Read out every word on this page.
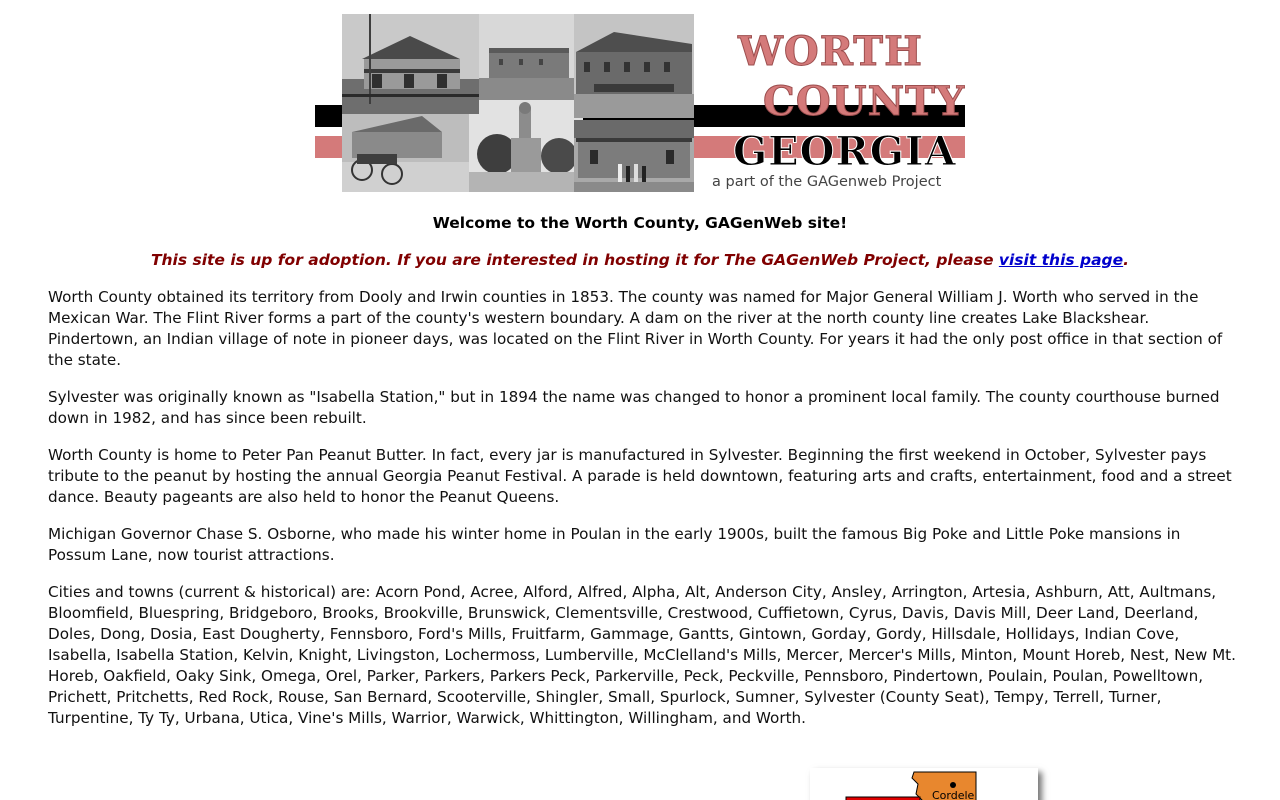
WORTH
COUNTY
GEORGIA
a part of the GAGenweb Project
Welcome to the Worth County, GAGenWeb site!
This site is up for adoption. If you are interested in hosting it for The GAGenWeb Project, please visit this page.

Worth County obtained its territory from Dooly and Irwin counties in 1853. The county was named for Major General William J. Worth who served in the Mexican War. The Flint River forms a part of the county's western boundary. A dam on the river at the north county line creates Lake Blackshear. Pindertown, an Indian village of note in pioneer days, was located on the Flint River in Worth County. For years it had the only post office in that section of the state.

Sylvester was originally known as "Isabella Station," but in 1894 the name was changed to honor a prominent local family. The county courthouse burned down in 1982, and has since been rebuilt.

Worth County is home to Peter Pan Peanut Butter. In fact, every jar is manufactured in Sylvester. Beginning the first weekend in October, Sylvester pays tribute to the peanut by hosting the annual Georgia Peanut Festival. A parade is held downtown, featuring arts and crafts, entertainment, food and a street dance. Beauty pageants are also held to honor the Peanut Queens.

Michigan Governor Chase S. Osborne, who made his winter home in Poulan in the early 1900s, built the famous Big Poke and Little Poke mansions in Possum Lane, now tourist attractions.

Cities and towns (current & historical) are: Acorn Pond, Acree, Alford, Alfred, Alpha, Alt, Anderson City, Ansley, Arrington, Artesia, Ashburn, Att, Aultmans, Bloomfield, Bluespring, Bridgeboro, Brooks, Brookville, Brunswick, Clementsville, Crestwood, Cuffietown, Cyrus, Davis, Davis Mill, Deer Land, Deerland, Doles, Dong, Dosia, East Dougherty, Fennsboro, Ford's Mills, Fruitfarm, Gammage, Gantts, Gintown, Gorday, Gordy, Hillsdale, Hollidays, Indian Cove, Isabella, Isabella Station, Kelvin, Knight, Livingston, Lochermoss, Lumberville, McClelland's Mills, Mercer, Mercer's Mills, Minton, Mount Horeb, Nest, New Mt. Horeb, Oakfield, Oaky Sink, Omega, Orel, Parker, Parkers, Parkers Peck, Parkerville, Peck, Peckville, Pennsboro, Pindertown, Poulain, Poulan, Powelltown, Prichett, Pritchetts, Red Rock, Rouse, San Bernard, Scooterville, Shingler, Small, Spurlock, Sumner, Sylvester (County Seat), Tempy, Terrell, Turner, Turpentine, Ty Ty, Urbana, Utica, Vine's Mills, Warrior, Warwick, Whittington, Willingham, and Worth.

Cordele
